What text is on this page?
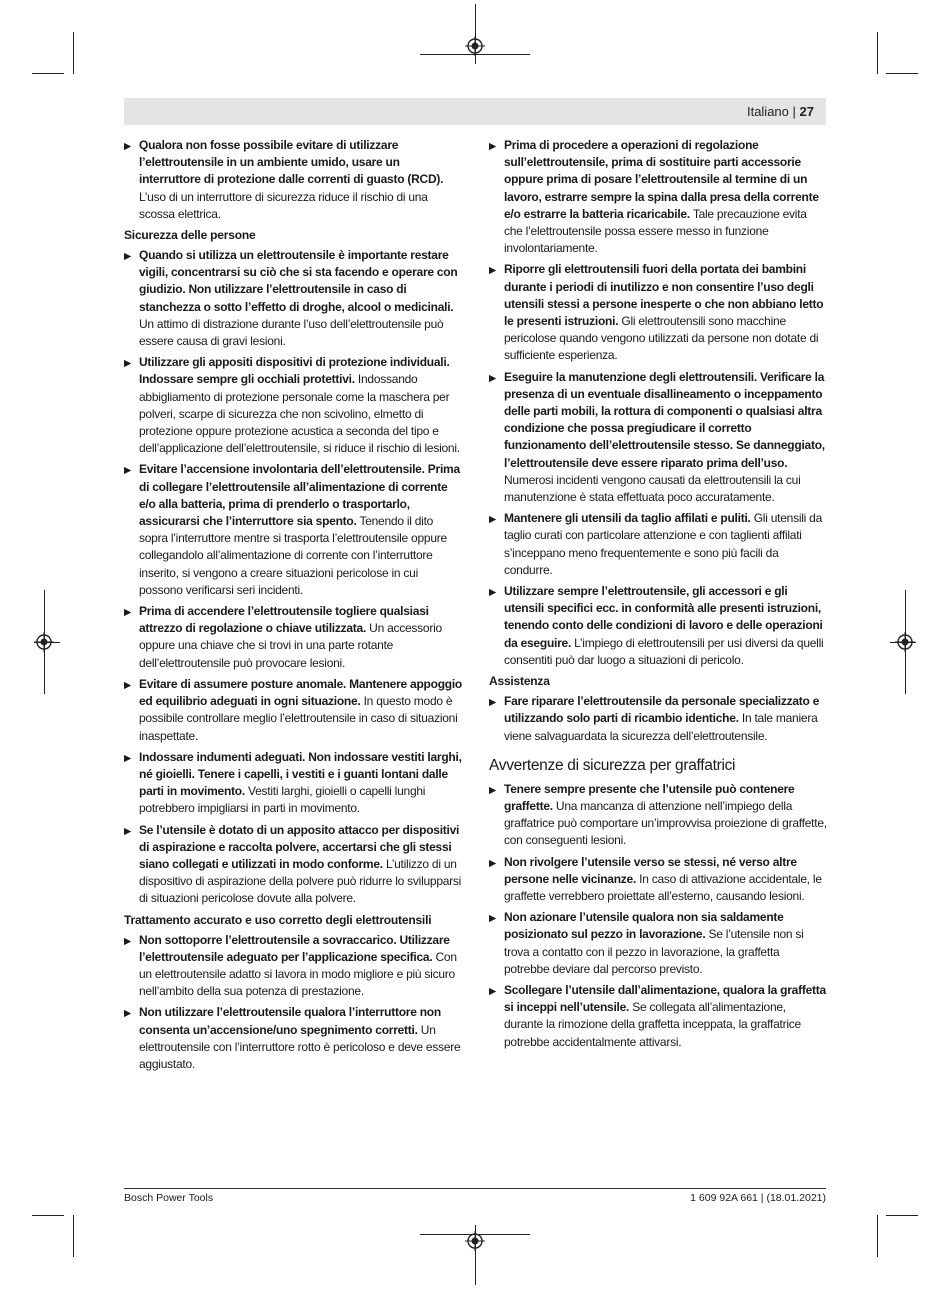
Italiano | 27
▶ Qualora non fosse possibile evitare di utilizzare l’elettroutensile in un ambiente umido, usare un interruttore di protezione dalle correnti di guasto (RCD). L’uso di un interruttore di sicurezza riduce il rischio di una scossa elettrica.
Sicurezza delle persone
▶ Quando si utilizza un elettroutensile è importante restare vigili, concentrarsi su ciò che si sta facendo e operare con giudizio. Non utilizzare l’elettroutensile in caso di stanchezza o sotto l’effetto di droghe, alcool o medicinali. Un attimo di distrazione durante l’uso dell’elettroutensile può essere causa di gravi lesioni.
▶ Utilizzare gli appositi dispositivi di protezione individuali. Indossare sempre gli occhiali protettivi. Indossando abbigliamento di protezione personale come la maschera per polveri, scarpe di sicurezza che non scivolino, elmetto di protezione oppure protezione acustica a seconda del tipo e dell’applicazione dell’elettroutensile, si riduce il rischio di lesioni.
▶ Evitare l’accensione involontaria dell’elettroutensile. Prima di collegare l’elettroutensile all’alimentazione di corrente e/o alla batteria, prima di prenderlo o trasportarlo, assicurarsi che l’interruttore sia spento. Tenendo il dito sopra l’interruttore mentre si trasporta l’elettroutensile oppure collegandolo all’alimentazione di corrente con l’interruttore inserito, si vengono a creare situazioni pericolose in cui possono verificarsi seri incidenti.
▶ Prima di accendere l’elettroutensile togliere qualsiasi attrezzo di regolazione o chiave utilizzata. Un accessorio oppure una chiave che si trovi in una parte rotante dell’elettroutensile può provocare lesioni.
▶ Evitare di assumere posture anomale. Mantenere appoggio ed equilibrio adeguati in ogni situazione. In questo modo è possibile controllare meglio l’elettroutensile in caso di situazioni inaspettate.
▶ Indossare indumenti adeguati. Non indossare vestiti larghi, né gioielli. Tenere i capelli, i vestiti e i guanti lontani dalle parti in movimento. Vestiti larghi, gioielli o capelli lunghi potrebbero impigliarsi in parti in movimento.
▶ Se l’utensile è dotato di un apposito attacco per dispositivi di aspirazione e raccolta polvere, accertarsi che gli stessi siano collegati e utilizzati in modo conforme. L’utilizzo di un dispositivo di aspirazione della polvere può ridurre lo svilupparsi di situazioni pericolose dovute alla polvere.
Trattamento accurato e uso corretto degli elettroutensili
▶ Non sottoporre l’elettroutensile a sovraccarico. Utilizzare l’elettroutensile adeguato per l’applicazione specifica. Con un elettroutensile adatto si lavora in modo migliore e più sicuro nell’ambito della sua potenza di prestazione.
▶ Non utilizzare l’elettroutensile qualora l’interruttore non consenta un’accensione/uno spegnimento corretti. Un elettroutensile con l’interruttore rotto è pericoloso e deve essere aggiustato.
▶ Prima di procedere a operazioni di regolazione sull’elettroutensile, prima di sostituire parti accessorie oppure prima di posare l’elettroutensile al termine di un lavoro, estrarre sempre la spina dalla presa della corrente e/o estrarre la batteria ricaricabile. Tale precauzione evita che l’elettroutensile possa essere messo in funzione involontariamente.
▶ Riporre gli elettroutensili fuori della portata dei bambini durante i periodi di inutilizzo e non consentire l’uso degli utensili stessi a persone inesperte o che non abbiano letto le presenti istruzioni. Gli elettroutensili sono macchine pericolose quando vengono utilizzati da persone non dotate di sufficiente esperienza.
▶ Eseguire la manutenzione degli elettroutensili. Verificare la presenza di un eventuale disallineamento o inceppamento delle parti mobili, la rottura di componenti o qualsiasi altra condizione che possa pregiudicare il corretto funzionamento dell’elettroutensile stesso. Se danneggiato, l’elettroutensile deve essere riparato prima dell’uso. Numerosi incidenti vengono causati da elettroutensili la cui manutenzione è stata effettuata poco accuratamente.
▶ Mantenere gli utensili da taglio affilati e puliti. Gli utensili da taglio curati con particolare attenzione e con taglienti affilati s’inceppano meno frequentemente e sono più facili da condurre.
▶ Utilizzare sempre l’elettroutensile, gli accessori e gli utensili specifici ecc. in conformità alle presenti istruzioni, tenendo conto delle condizioni di lavoro e delle operazioni da eseguire. L’impiego di elettroutensili per usi diversi da quelli consentiti può dar luogo a situazioni di pericolo.
Assistenza
▶ Fare riparare l’elettroutensile da personale specializzato e utilizzando solo parti di ricambio identiche. In tale maniera viene salvaguardata la sicurezza dell’elettroutensile.
Avvertenze di sicurezza per graffatrici
▶ Tenere sempre presente che l’utensile può contenere graffette. Una mancanza di attenzione nell’impiego della graffatrice può comportare un’improvvisa proiezione di graffette, con conseguenti lesioni.
▶ Non rivolgere l’utensile verso se stessi, né verso altre persone nelle vicinanze. In caso di attivazione accidentale, le graffette verrebbero proiettate all’esterno, causando lesioni.
▶ Non azionare l’utensile qualora non sia saldamente posizionato sul pezzo in lavorazione. Se l’utensile non si trova a contatto con il pezzo in lavorazione, la graffetta potrebbe deviare dal percorso previsto.
▶ Scollegare l’utensile dall’alimentazione, qualora la graffetta si inceppi nell’utensile. Se collegata all’alimentazione, durante la rimozione della graffetta inceppata, la graffatrice potrebbe accidentalmente attivarsi.
Bosch Power Tools	1 609 92A 661 | (18.01.2021)
